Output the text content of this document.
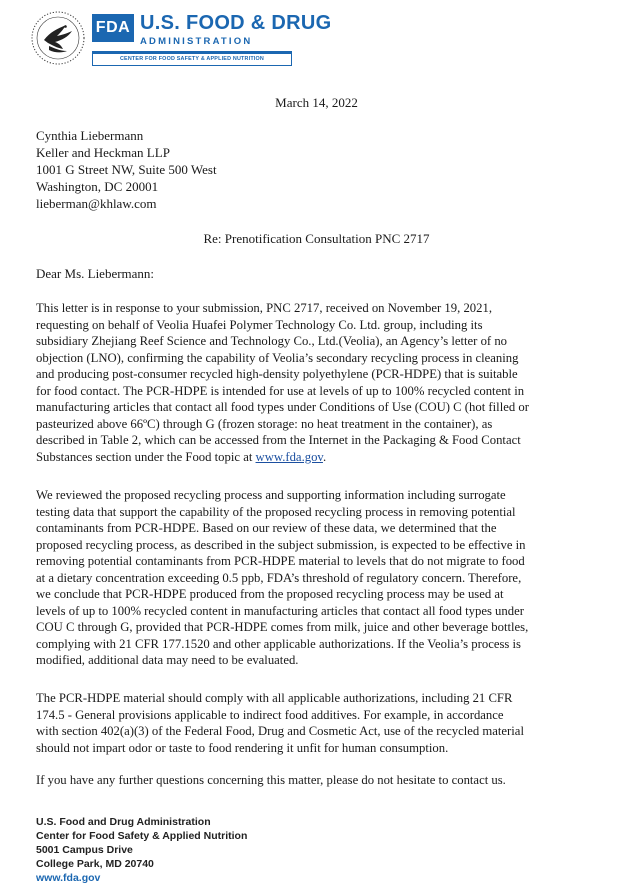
FDA U.S. FOOD & DRUG
ADMINISTRATION
CENTER FOR FOOD SAFETY & APPLIED NUTRITION
March 14, 2022
Cynthia Liebermann
Keller and Heckman LLP
1001 G Street NW, Suite 500 West
Washington, DC 20001
lieberman@khlaw.com
Re: Prenotification Consultation PNC 2717
Dear Ms. Liebermann:
This letter is in response to your submission, PNC 2717, received on November 19, 2021,
requesting on behalf of Veolia Huafei Polymer Technology Co. Ltd. group, including its
subsidiary Zhejiang Reef Science and Technology Co., Ltd.(Veolia), an Agency’s letter of no
objection (LNO), confirming the capability of Veolia’s secondary recycling process in cleaning
and producing post-consumer recycled high-density polyethylene (PCR-HDPE) that is suitable
for food contact. The PCR-HDPE is intended for use at levels of up to 100% recycled content in
manufacturing articles that contact all food types under Conditions of Use (COU) C (hot filled or
pasteurized above 66ºC) through G (frozen storage: no heat treatment in the container), as
described in Table 2, which can be accessed from the Internet in the Packaging & Food Contact
Substances section under the Food topic at www.fda.gov.
We reviewed the proposed recycling process and supporting information including surrogate
testing data that support the capability of the proposed recycling process in removing potential
contaminants from PCR-HDPE. Based on our review of these data, we determined that the
proposed recycling process, as described in the subject submission, is expected to be effective in
removing potential contaminants from PCR-HDPE material to levels that do not migrate to food
at a dietary concentration exceeding 0.5 ppb, FDA’s threshold of regulatory concern. Therefore,
we conclude that PCR-HDPE produced from the proposed recycling process may be used at
levels of up to 100% recycled content in manufacturing articles that contact all food types under
COU C through G, provided that PCR-HDPE comes from milk, juice and other beverage bottles,
complying with 21 CFR 177.1520 and other applicable authorizations. If the Veolia’s process is
modified, additional data may need to be evaluated.
The PCR-HDPE material should comply with all applicable authorizations, including 21 CFR
174.5 - General provisions applicable to indirect food additives. For example, in accordance
with section 402(a)(3) of the Federal Food, Drug and Cosmetic Act, use of the recycled material
should not impart odor or taste to food rendering it unfit for human consumption.
If you have any further questions concerning this matter, please do not hesitate to contact us.
U.S. Food and Drug Administration
Center for Food Safety & Applied Nutrition
5001 Campus Drive
College Park, MD 20740
www.fda.gov
